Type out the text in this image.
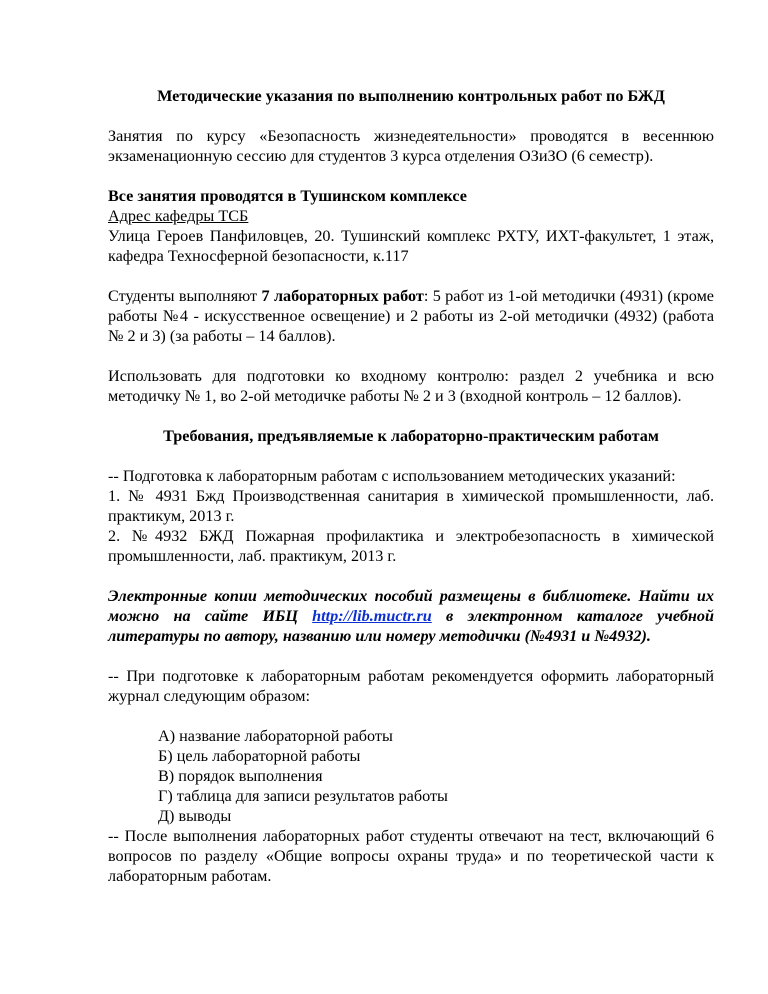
Методические указания по выполнению контрольных работ по БЖД

Занятия по курсу «Безопасность жизнедеятельности» проводятся в весеннюю экзаменационную сессию для студентов 3 курса отделения ОЗиЗО (6 семестр).

Все занятия проводятся в Тушинском комплексе

Адрес кафедры ТСБ

Улица Героев Панфиловцев, 20. Тушинский комплекс РХТУ, ИХТ-факультет, 1 этаж, кафедра Техносферной безопасности, к.117

Студенты выполняют 7 лабораторных работ: 5 работ из 1-ой методички (4931) (кроме работы №4 - искусственное освещение) и 2 работы из 2-ой методички (4932) (работа № 2 и 3) (за работы – 14 баллов).

Использовать для подготовки ко входному контролю: раздел 2 учебника и всю методичку № 1, во 2-ой методичке работы № 2 и 3 (входной контроль – 12 баллов).

Требования, предъявляемые к лабораторно-практическим работам

-- Подготовка к лабораторным работам с использованием методических указаний:

1. № 4931 Бжд Производственная санитария в химической промышленности, лаб. практикум, 2013 г.

2. №4932 БЖД Пожарная профилактика и электробезопасность в химической промышленности, лаб. практикум, 2013 г.

Электронные копии методических пособий размещены в библиотеке. Найти их можно на сайте ИБЦ http://lib.muctr.ru в электронном каталоге учебной литературы по автору, названию или номеру методички (№4931 и №4932).

-- При подготовке к лабораторным работам рекомендуется оформить лабораторный журнал следующим образом:

А) название лабораторной работы

Б) цель лабораторной работы

В) порядок выполнения

Г) таблица для записи результатов работы

Д) выводы

-- После выполнения лабораторных работ студенты отвечают на тест, включающий 6 вопросов по разделу «Общие вопросы охраны труда» и по теоретической части к лабораторным работам.
